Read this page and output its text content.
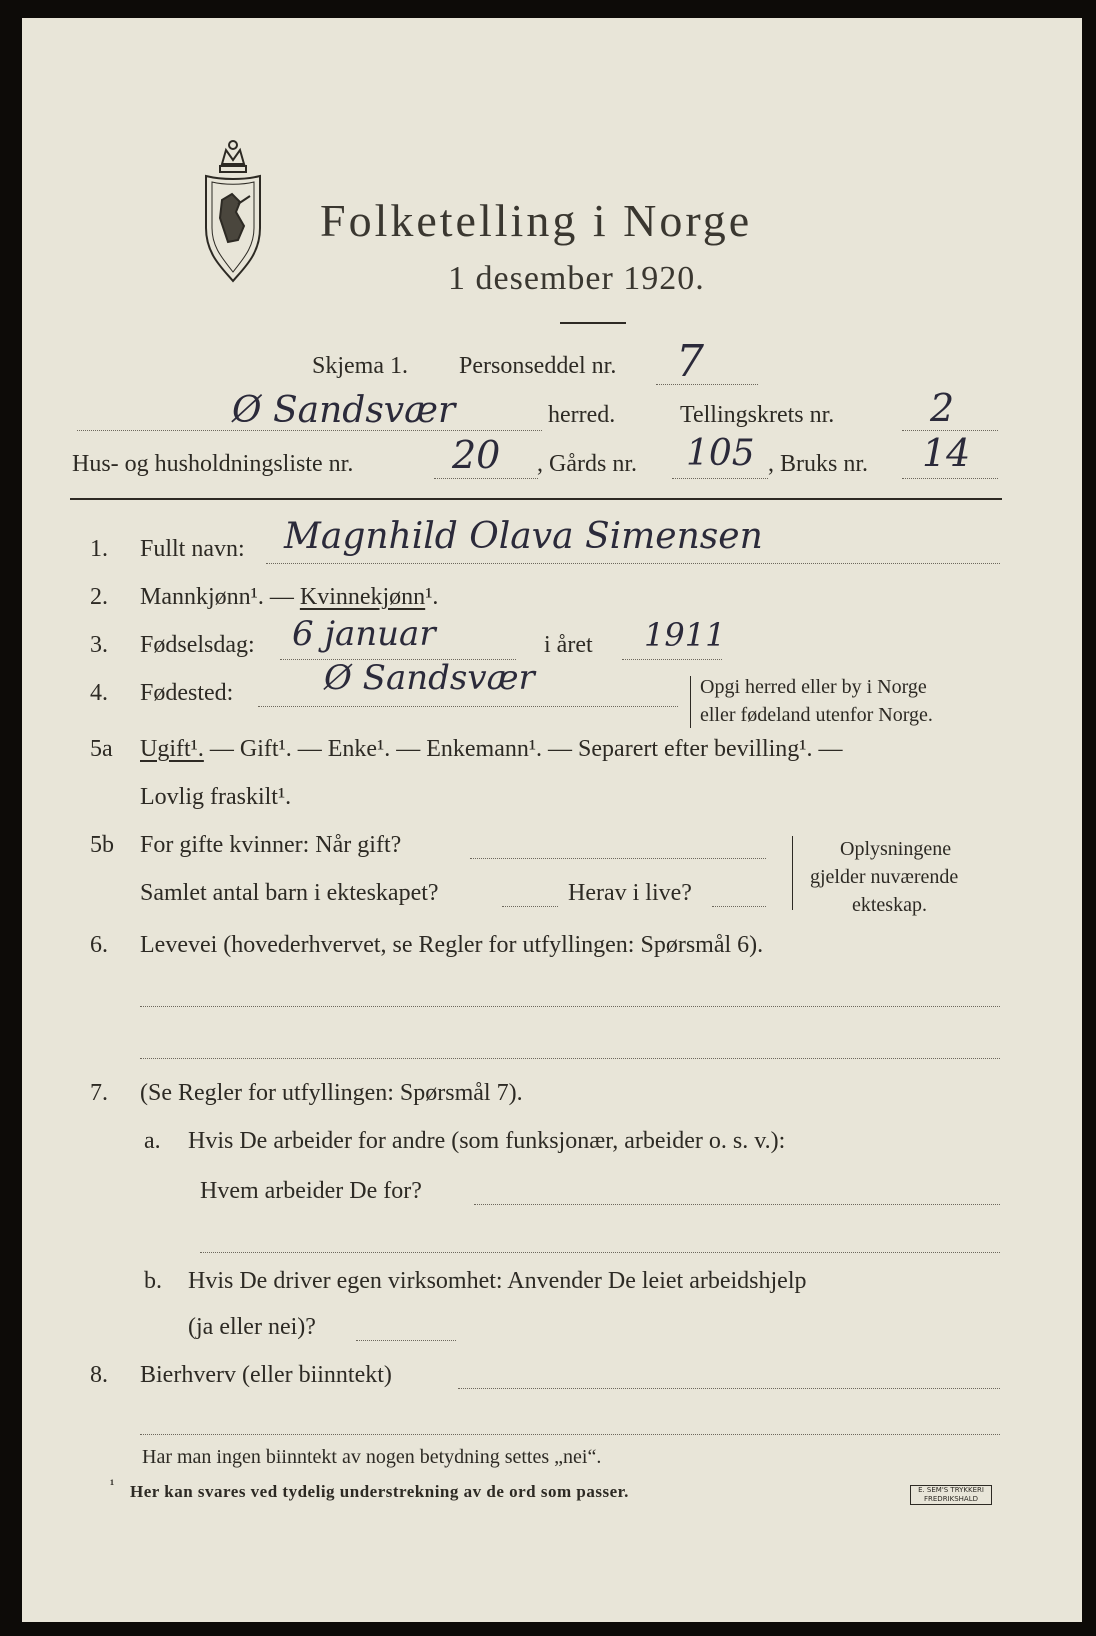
Folketelling i Norge
1 desember 1920.
Skjema 1. Personseddel nr. 7
Ø Sandsvær	herred.	Tellingskrets nr.	2
Hus- og husholdningsliste nr.	20 , Gårds nr. 105 , Bruks nr. 14
1. Fullt navn: Magnhild Olava Simensen
2. Mannkjønn¹. — Kvinnekjønn¹.
3. Fødselsdag: 6 januar	i året 1911
4. Fødested:	Ø Sandsvær	Opgi herred eller by i Norge
eller fødeland utenfor Norge.
5a Ugift¹. — Gift¹. — Enke¹. — Enkemann¹. — Separert efter bevilling¹. —
Lovlig fraskilt¹.
5b For gifte kvinner: Når gift?
Samlet antal barn i ekteskapet?	Herav i live?
Oplysningene
gjelder nuværende
ekteskap.
6. Levevei (hovederhvervet, se Regler for utfyllingen: Spørsmål 6).
7. (Se Regler for utfyllingen: Spørsmål 7).
a. Hvis De arbeider for andre (som funksjonær, arbeider o. s. v.):
Hvem arbeider De for?
b. Hvis De driver egen virksomhet: Anvender De leiet arbeidshjelp
(ja eller nei)?
8. Bierhverv (eller biinntekt)
Har man ingen biinntekt av nogen betydning settes „nei“.
¹ Her kan svares ved tydelig understrekning av de ord som passer.	E. SEM'S TRYKKERI
FREDRIKSHALD
